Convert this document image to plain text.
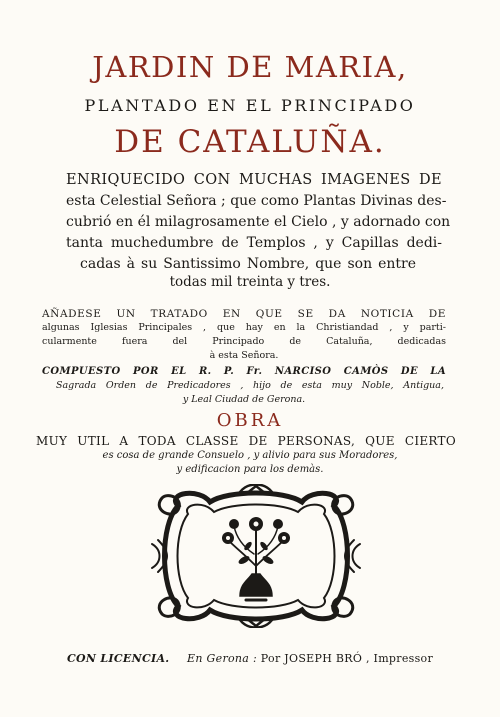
JARDIN DE MARIA,
PLANTADO EN EL PRINCIPADO
DE CATALUÑA.
ENRIQUECIDO CON MUCHAS IMAGENES DE
esta Celestial Señora ; que como Plantas Divinas des-
cubrió en él milagrosamente el Cielo , y adornado con
tanta muchedumbre de Templos , y Capillas dedi-
cadas à su Santissimo Nombre, que son entre
todas mil treinta y tres.
AÑADESE UN TRATADO EN QUE SE DA NOTICIA DE
algunas Iglesias Principales , que hay en la Christiandad , y parti-
cularmente fuera del Principado de Cataluña, dedicadas
à esta Señora.
COMPUESTO POR EL R. P. Fr. NARCISO CAMÒS DE LA
Sagrada Orden de Predicadores , hijo de esta muy Noble, Antigua,
y Leal Ciudad de Gerona.
OBRA
MUY UTIL A TODA CLASSE DE PERSONAS, QUE CIERTO
es cosa de grande Consuelo , y alivio para sus Moradores,
y edificacion para los demàs.
CON LICENCIA. En Gerona : Por JOSEPH BRÓ , Impressor
